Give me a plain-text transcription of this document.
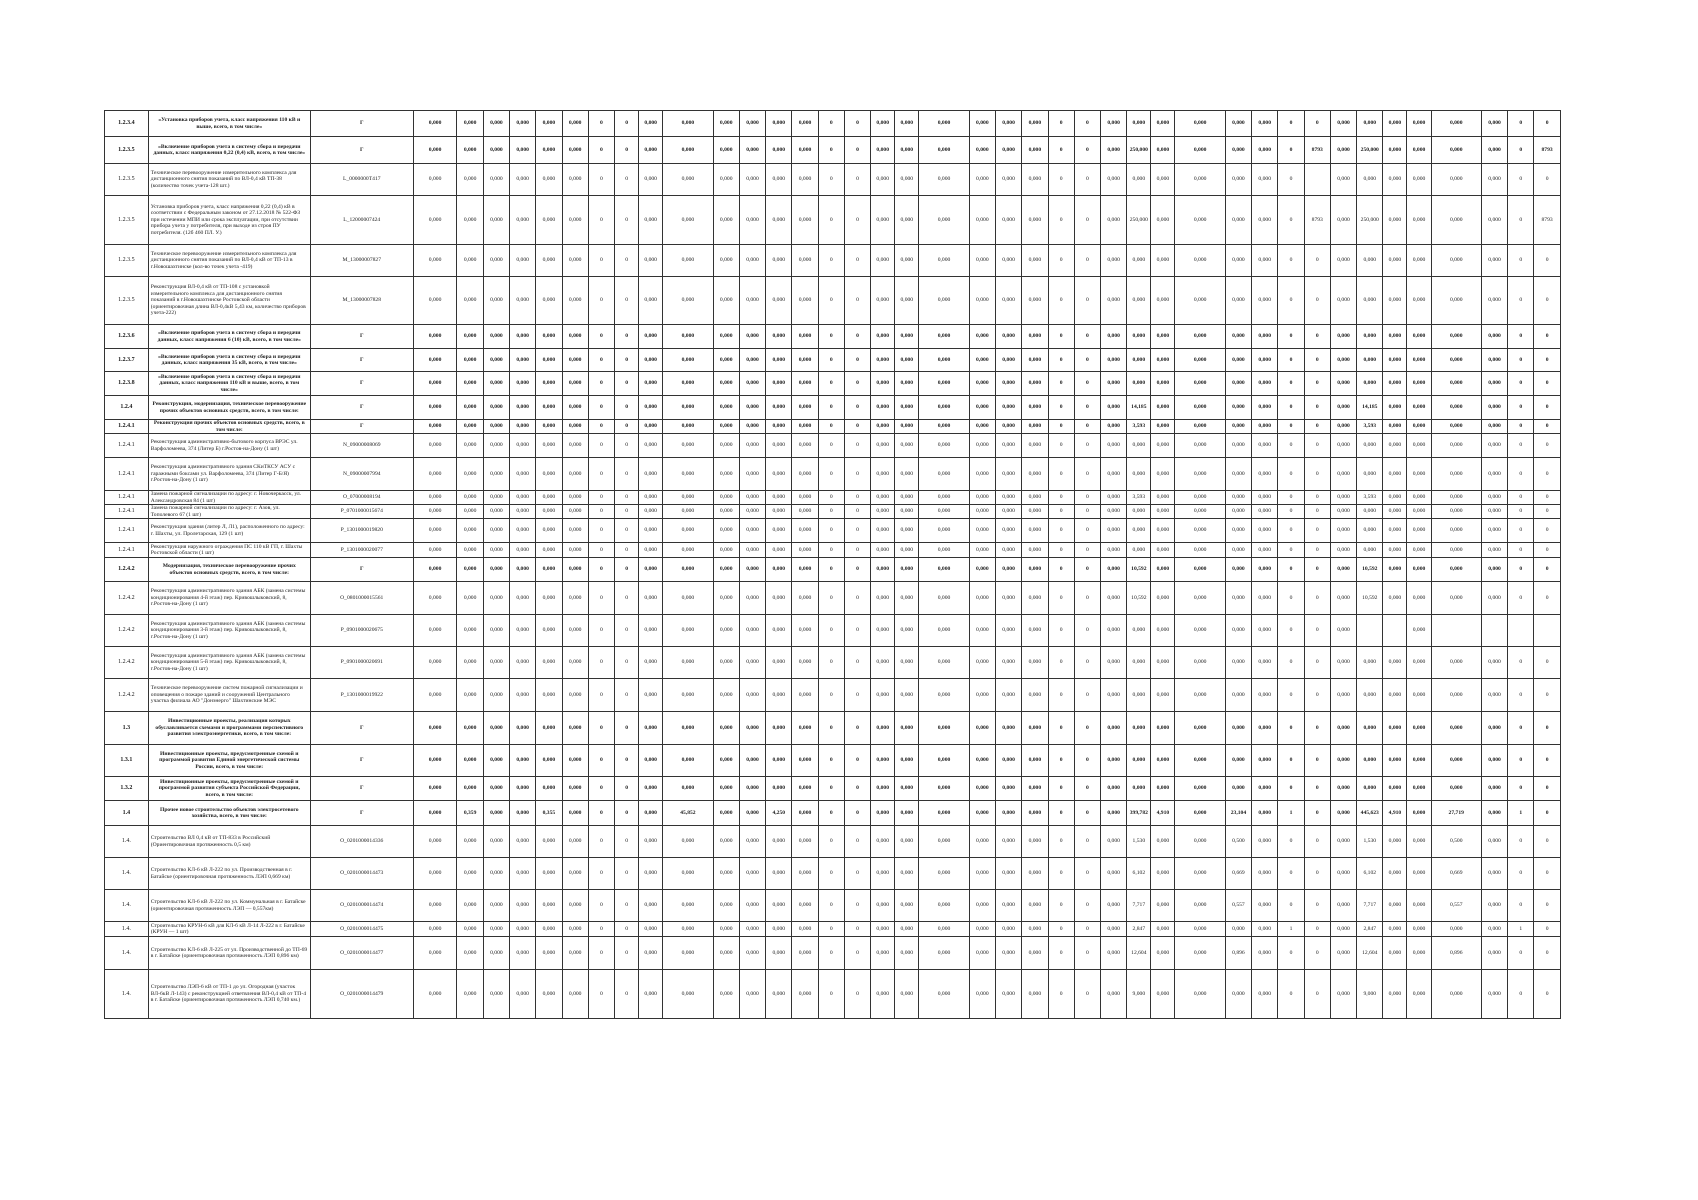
1.2.3.4	«Установка приборов учета, класс напряжения 110 кВ и выше, всего, в том числе»	Г	0,000	0,000	0,000	0,000	0,000	0,000	0	0	0,000	0,000	0,000	0,000	0,000	0,000	0	0	0,000	0,000	0,000	0,000	0,000	0,000	0	0	0,000	0,000	0,000	0,000	0,000	0,000	0	0	0,000	0,000	0,000	0,000	0,000	0,000	0	0
1.2.3.5	«Включение приборов учета в систему сбора и передачи данных, класс напряжения 0,22 (0,4) кВ, всего, в том числе»	Г	0,000	0,000	0,000	0,000	0,000	0,000	0	0	0,000	0,000	0,000	0,000	0,000	0,000	0	0	0,000	0,000	0,000	0,000	0,000	0,000	0	0	0,000	250,000	0,000	0,000	0,000	0,000	0	8793	0,000	250,000	0,000	0,000	0,000	0,000	0	8793
1.2.3.5	Техническое перевооружение измерительного комплекса для дистанционного снятия показаний по ВЛ-0,4 кВ ТП-38 (количество точек учета-128 шт.)	L_0000000T417	0,000	0,000	0,000	0,000	0,000	0,000	0	0	0,000	0,000	0,000	0,000	0,000	0,000	0	0	0,000	0,000	0,000	0,000	0,000	0,000	0	0	0,000	0,000	0,000	0,000	0,000	0,000	0		0,000	0,000	0,000	0,000	0,000	0,000	0	0
1.2.3.5	Установка приборов учета, класс напряжения 0,22 (0,4) кВ в соответствии с Федеральным законом от 27.12.2018 № 522-ФЗ при истечении МПИ или срока эксплуатации, при отсутствии прибора учета у потребителя, при выходе из строя ПУ потребителя. (12б 460 ПЛ. У.)	L_12000007424	0,000	0,000	0,000	0,000	0,000	0,000	0	0	0,000	0,000	0,000	0,000	0,000	0,000	0	0	0,000	0,000	0,000	0,000	0,000	0,000	0	0	0,000	250,000	0,000	0,000	0,000	0,000	0	8793	0,000	250,000	0,000	0,000	0,000	0,000	0	8793
1.2.3.5	Техническое перевооружение измерительного комплекса для дистанционного снятия показаний по ВЛ-0,4 кВ от ТП-13 в г.Новошахтинске (кол-во точек учета -419)	M_13000007827	0,000	0,000	0,000	0,000	0,000	0,000	0	0	0,000	0,000	0,000	0,000	0,000	0,000	0	0	0,000	0,000	0,000	0,000	0,000	0,000	0	0	0,000	0,000	0,000	0,000	0,000	0,000	0	0	0,000	0,000	0,000	0,000	0,000	0,000	0	0
1.2.3.5	Реконструкция ВЛ-0,4 кВ от ТП-108 с установкой измерительного комплекса для дистанционного снятия показаний в г.Новошахтинске Ростовской области (ориентировочная длина ВЛ-0,4кВ 5,43 км, количество приборов учета-222)	M_13000007828	0,000	0,000	0,000	0,000	0,000	0,000	0	0	0,000	0,000	0,000	0,000	0,000	0,000	0	0	0,000	0,000	0,000	0,000	0,000	0,000	0	0	0,000	0,000	0,000	0,000	0,000	0,000	0	0	0,000	0,000	0,000	0,000	0,000	0,000	0	0
1.2.3.6	«Включение приборов учета в систему сбора и передачи данных, класс напряжения 6 (10) кВ, всего, в том числе»	Г	0,000	0,000	0,000	0,000	0,000	0,000	0	0	0,000	0,000	0,000	0,000	0,000	0,000	0	0	0,000	0,000	0,000	0,000	0,000	0,000	0	0	0,000	0,000	0,000	0,000	0,000	0,000	0	0	0,000	0,000	0,000	0,000	0,000	0,000	0	0
1.2.3.7	«Включение приборов учета в систему сбора и передачи данных, класс напряжения 35 кВ, всего, в том числе»	Г	0,000	0,000	0,000	0,000	0,000	0,000	0	0	0,000	0,000	0,000	0,000	0,000	0,000	0	0	0,000	0,000	0,000	0,000	0,000	0,000	0	0	0,000	0,000	0,000	0,000	0,000	0,000	0	0	0,000	0,000	0,000	0,000	0,000	0,000	0	0
1.2.3.8	«Включение приборов учета в систему сбора и передачи данных, класс напряжения 110 кВ и выше, всего, в том числе»	Г	0,000	0,000	0,000	0,000	0,000	0,000	0	0	0,000	0,000	0,000	0,000	0,000	0,000	0	0	0,000	0,000	0,000	0,000	0,000	0,000	0	0	0,000	0,000	0,000	0,000	0,000	0,000	0	0	0,000	0,000	0,000	0,000	0,000	0,000	0	0
1.2.4	Реконструкция, модернизация, техническое перевооружение прочих объектов основных средств, всего, в том числе:	Г	0,000	0,000	0,000	0,000	0,000	0,000	0	0	0,000	0,000	0,000	0,000	0,000	0,000	0	0	0,000	0,000	0,000	0,000	0,000	0,000	0	0	0,000	14,185	0,000	0,000	0,000	0,000	0	0	0,000	14,185	0,000	0,000	0,000	0,000	0	0
1.2.4.1	Реконструкция прочих объектов основных средств, всего, в том числе:	Г	0,000	0,000	0,000	0,000	0,000	0,000	0	0	0,000	0,000	0,000	0,000	0,000	0,000	0	0	0,000	0,000	0,000	0,000	0,000	0,000	0	0	0,000	3,593	0,000	0,000	0,000	0,000	0	0	0,000	3,593	0,000	0,000	0,000	0,000	0	0
1.2.4.1	Реконструкция административно-бытового корпуса ВРЭС ул. Варфоломеева, 374 (Литер Б) г.Ростов-на-Дону (1 шт)	N_09000008069	0,000	0,000	0,000	0,000	0,000	0,000	0	0	0,000	0,000	0,000	0,000	0,000	0,000	0	0	0,000	0,000	0,000	0,000	0,000	0,000	0	0	0,000	0,000	0,000	0,000	0,000	0,000	0	0	0,000	0,000	0,000	0,000	0,000	0,000	0	0
1.2.4.1	Реконструкция административного здания СКиТКСУ АСУ с гаражными боксами ул. Варфоломеева, 374 (Литер Г-Б/Я) г.Ростов-на-Дону (1 шт)	N_09000007994	0,000	0,000	0,000	0,000	0,000	0,000	0	0	0,000	0,000	0,000	0,000	0,000	0,000	0	0	0,000	0,000	0,000	0,000	0,000	0,000	0	0	0,000	0,000	0,000	0,000	0,000	0,000	0	0	0,000	0,000	0,000	0,000	0,000	0,000	0	0
1.2.4.1	Замена пожарной сигнализации по адресу: г. Новочеркасск, ул. Александровская 84 (1 шт)	O_07000008194	0,000	0,000	0,000	0,000	0,000	0,000	0	0	0,000	0,000	0,000	0,000	0,000	0,000	0	0	0,000	0,000	0,000	0,000	0,000	0,000	0	0	0,000	3,593	0,000	0,000	0,000	0,000	0	0	0,000	3,593	0,000	0,000	0,000	0,000	0	0
1.2.4.1	Замена пожарной сигнализации по адресу: г. Азов, ул. Тополевого 67 (1 шт)	P_0701000015674	0,000	0,000	0,000	0,000	0,000	0,000	0	0	0,000	0,000	0,000	0,000	0,000	0,000	0	0	0,000	0,000	0,000	0,000	0,000	0,000	0	0	0,000	0,000	0,000	0,000	0,000	0,000	0	0	0,000	0,000	0,000	0,000	0,000	0,000	0	0
1.2.4.1	Реконструкция здания (литер Л, Л1), расположенного по адресу: г. Шахты, ул. Пролетарская, 129 (1 шт)	P_1301000019820	0,000	0,000	0,000	0,000	0,000	0,000	0	0	0,000	0,000	0,000	0,000	0,000	0,000	0	0	0,000	0,000	0,000	0,000	0,000	0,000	0	0	0,000	0,000	0,000	0,000	0,000	0,000	0	0	0,000	0,000	0,000	0,000	0,000	0,000	0	0
1.2.4.1	Реконструкция наружного ограждения ПС 110 кВ ГП, г. Шахты Ростовской области (1 шт)	P_1301000020077	0,000	0,000	0,000	0,000	0,000	0,000	0	0	0,000	0,000	0,000	0,000	0,000	0,000	0	0	0,000	0,000	0,000	0,000	0,000	0,000	0	0	0,000	0,000	0,000	0,000	0,000	0,000	0	0	0,000	0,000	0,000	0,000	0,000	0,000	0	0
1.2.4.2	Модернизация, техническое перевооружение прочих объектов основных средств, всего, в том числе:	Г	0,000	0,000	0,000	0,000	0,000	0,000	0	0	0,000	0,000	0,000	0,000	0,000	0,000	0	0	0,000	0,000	0,000	0,000	0,000	0,000	0	0	0,000	10,592	0,000	0,000	0,000	0,000	0	0	0,000	10,592	0,000	0,000	0,000	0,000	0	0
1.2.4.2	Реконструкция административного здания АБК (замена системы кондиционирования 4-й этаж) пер. Кривошлыковский, 8, г.Ростов-на-Дону (1 шт)	O_0801000015561	0,000	0,000	0,000	0,000	0,000	0,000	0	0	0,000	0,000	0,000	0,000	0,000	0,000	0	0	0,000	0,000	0,000	0,000	0,000	0,000	0	0	0,000	10,592	0,000	0,000	0,000	0,000	0	0	0,000	10,592	0,000	0,000	0,000	0,000	0	0
1.2.4.2	Реконструкция административного здания АБК (замена системы кондиционирования 3-й этаж) пер. Кривошлыковский, 8, г.Ростов-на-Дону (1 шт)	P_0901000020675	0,000	0,000	0,000	0,000	0,000	0,000	0	0	0,000	0,000	0,000	0,000	0,000	0,000	0	0	0,000	0,000	0,000	0,000	0,000	0,000	0	0	0,000	0,000	0,000	0,000	0,000	0,000	0	0	0,000			0,000				
1.2.4.2	Реконструкция административного здания АБК (замена системы кондиционирования 5-й этаж) пер. Кривошлыковский, 8, г.Ростов-на-Дону (1 шт)	P_0901000020691	0,000	0,000	0,000	0,000	0,000	0,000	0	0	0,000	0,000	0,000	0,000	0,000	0,000	0	0	0,000	0,000	0,000	0,000	0,000	0,000	0	0	0,000	0,000	0,000	0,000	0,000	0,000	0	0	0,000	0,000	0,000	0,000	0,000	0,000	0	0
1.2.4.2	Техническое перевооружение систем пожарной сигнализации и оповещения о пожаре зданий и сооружений Центрального участка филиала АО "Донэнерго" Шахтинские МЭС	P_1301000019922	0,000	0,000	0,000	0,000	0,000	0,000	0	0	0,000	0,000	0,000	0,000	0,000	0,000	0	0	0,000	0,000	0,000	0,000	0,000	0,000	0	0	0,000	0,000	0,000	0,000	0,000	0,000	0	0	0,000	0,000	0,000	0,000	0,000	0,000	0	0
1.3	Инвестиционные проекты, реализация которых обуславливается схемами и программами перспективного развития электроэнергетики, всего, в том числе:	Г	0,000	0,000	0,000	0,000	0,000	0,000	0	0	0,000	0,000	0,000	0,000	0,000	0,000	0	0	0,000	0,000	0,000	0,000	0,000	0,000	0	0	0,000	0,000	0,000	0,000	0,000	0,000	0	0	0,000	0,000	0,000	0,000	0,000	0,000	0	0
1.3.1	Инвестиционные проекты, предусмотренные схемой и программой развития Единой энергетической системы России, всего, в том числе:	Г	0,000	0,000	0,000	0,000	0,000	0,000	0	0	0,000	0,000	0,000	0,000	0,000	0,000	0	0	0,000	0,000	0,000	0,000	0,000	0,000	0	0	0,000	0,000	0,000	0,000	0,000	0,000	0	0	0,000	0,000	0,000	0,000	0,000	0,000	0	0
1.3.2	Инвестиционные проекты, предусмотренные схемой и программой развития субъекта Российской Федерации, всего, в том числе:	Г	0,000	0,000	0,000	0,000	0,000	0,000	0	0	0,000	0,000	0,000	0,000	0,000	0,000	0	0	0,000	0,000	0,000	0,000	0,000	0,000	0	0	0,000	0,000	0,000	0,000	0,000	0,000	0	0	0,000	0,000	0,000	0,000	0,000	0,000	0	0
1.4	Прочее новое строительство объектов электросетевого хозяйства, всего, в том числе:	Г	0,000	0,359	0,000	0,000	0,355	0,000	0	0	0,000	45,852	0,000	0,000	4,250	0,000	0	0	0,000	0,000	0,000	0,000	0,000	0,000	0	0	0,000	399,782	4,910	0,000	23,104	0,000	1	0	0,000	445,623	4,910	0,000	27,719	0,000	1	0
1.4.	Строительство ВЛ 0,4 кВ от ТП-833 в Российский (Ориентировочная протяженность 0,5 км)	O_0201000014336	0,000	0,000	0,000	0,000	0,000	0,000	0	0	0,000	0,000	0,000	0,000	0,000	0,000	0	0	0,000	0,000	0,000	0,000	0,000	0,000	0	0	0,000	1,530	0,000	0,000	0,500	0,000	0	0	0,000	1,530	0,000	0,000	0,500	0,000	0	0
1.4.	Строительство КЛ-6 кВ Л-222 по ул. Производственная в г. Батайске (ориентировочная протяженность ЛЭП 0,669 км)	O_0201000014473	0,000	0,000	0,000	0,000	0,000	0,000	0	0	0,000	0,000	0,000	0,000	0,000	0,000	0	0	0,000	0,000	0,000	0,000	0,000	0,000	0	0	0,000	6,102	0,000	0,000	0,669	0,000	0	0	0,000	6,102	0,000	0,000	0,669	0,000	0	0
1.4.	Строительство КЛ-6 кВ Л-222 по ул. Коммунальная в г. Батайске (ориентировочная протяженность ЛЭП — 0,557км)	O_0201000014474	0,000	0,000	0,000	0,000	0,000	0,000	0	0	0,000	0,000	0,000	0,000	0,000	0,000	0	0	0,000	0,000	0,000	0,000	0,000	0,000	0	0	0,000	7,717	0,000	0,000	0,557	0,000	0	0	0,000	7,717	0,000	0,000	0,557	0,000	0	0
1.4.	Строительство КРУН-6 кВ для КЛ-6 кВ Л-14 Л-222 в г. Батайске (КРУН — 1 шт)	O_0201000014475	0,000	0,000	0,000	0,000	0,000	0,000	0	0	0,000	0,000	0,000	0,000	0,000	0,000	0	0	0,000	0,000	0,000	0,000	0,000	0,000	0	0	0,000	2,847	0,000	0,000	0,000	0,000	1	0	0,000	2,847	0,000	0,000	0,000	0,000	1	0
1.4.	Строительство КЛ-6 кВ Л-225 от ул. Производственной до ТП-69 в г. Батайске (ориентировочная протяженность ЛЭП 0,896 км)	O_0201000014477	0,000	0,000	0,000	0,000	0,000	0,000	0	0	0,000	0,000	0,000	0,000	0,000	0,000	0	0	0,000	0,000	0,000	0,000	0,000	0,000	0	0	0,000	12,604	0,000	0,000	0,896	0,000	0	0	0,000	12,604	0,000	0,000	0,896	0,000	0	0
1.4.	Строительство ЛЭП-6 кВ от ТП-1 до ул. Огородная (участок ВЛ-6кВ Л-143) с реконструкцией ответвления ВЛ-0,4 кВ от ТП-4 в г. Батайске (ориентировочная протяженность ЛЭП 0,740 км.)	O_0201000014479	0,000	0,000	0,000	0,000	0,000	0,000	0	0	0,000	0,000	0,000	0,000	0,000	0,000	0	0	0,000	0,000	0,000	0,000	0,000	0,000	0	0	0,000	9,000	0,000	0,000	0,000	0,000	0	0	0,000	9,000	0,000	0,000	0,000	0,000	0	0
